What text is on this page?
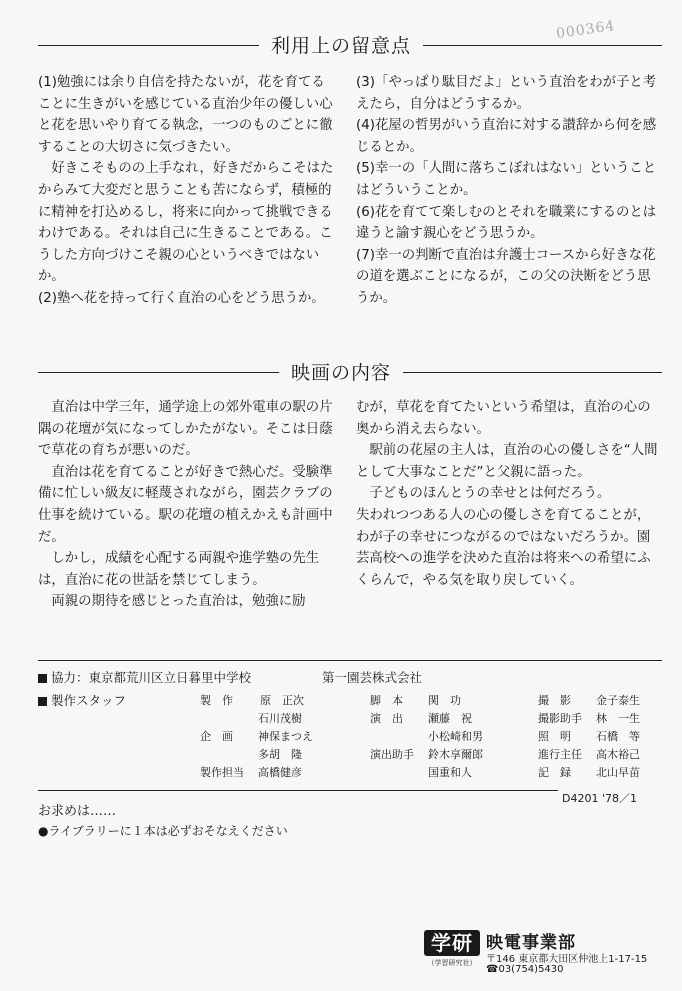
000364
利用上の留意点

(1)勉強には余り自信を持たないが，花を育てることに生きがいを感じている直治少年の優しい心と花を思いやり育てる執念，一つのものごとに徹することの大切さに気づきたい。

好きこそものの上手なれ，好きだからこそはたからみて大変だと思うことも苦にならず，積極的に精神を打込めるし，将来に向かって挑戦できるわけである。それは自己に生きることである。こうした方向づけこそ親の心というべきではないか。

(2)塾へ花を持って行く直治の心をどう思うか。

(3)「やっぱり駄目だよ」という直治をわが子と考えたら，自分はどうするか。

(4)花屋の哲男がいう直治に対する讃辞から何を感じるとか。

(5)幸一の「人間に落ちこぼれはない」ということはどういうことか。

(6)花を育てて楽しむのとそれを職業にするのとは違うと諭す親心をどう思うか。

(7)幸一の判断で直治は弁護士コースから好きな花の道を選ぶことになるが，この父の決断をどう思うか。

映画の内容

直治は中学三年，通学途上の郊外電車の駅の片隅の花壇が気になってしかたがない。そこは日蔭で草花の育ちが悪いのだ。

直治は花を育てることが好きで熱心だ。受験準備に忙しい級友に軽蔑されながら，園芸クラブの仕事を続けている。駅の花壇の植えかえも計画中だ。

しかし，成績を心配する両親や進学塾の先生は，直治に花の世話を禁じてしまう。

両親の期待を感じとった直治は，勉強に励

むが，草花を育てたいという希望は，直治の心の奥から消え去らない。

駅前の花屋の主人は，直治の心の優しさを“人間として大事なことだ”と父親に語った。

子どものほんとうの幸せとは何だろう。

失われつつある人の心の優しさを育てることが，わが子の幸せにつながるのではないだろうか。園芸高校への進学を決めた直治は将来への希望にふくらんで，やる気を取り戻していく。

協力：東京都荒川区立日暮里中学校	第一園芸株式会社
製作スタッフ	製　作 原　正次
石川茂樹
企　画 神保まつえ
多胡　隆
製作担当 高橋健彦
脚　本 関　功
演　出 瀬藤　祝
小松崎和男
演出助手 鈴木享爾郎
国重和人
撮　影 金子泰生
撮影助手 林　一生
照　明 石橋　等
進行主任 高木裕己
記　録 北山早苗
D4201 '78／1
お求めは……
●ライブラリーに１本は必ずおそなえください
学研
（学習研究社）
映電事業部
〒146 東京都大田区仲池上1-17-15
☎03(754)5430
